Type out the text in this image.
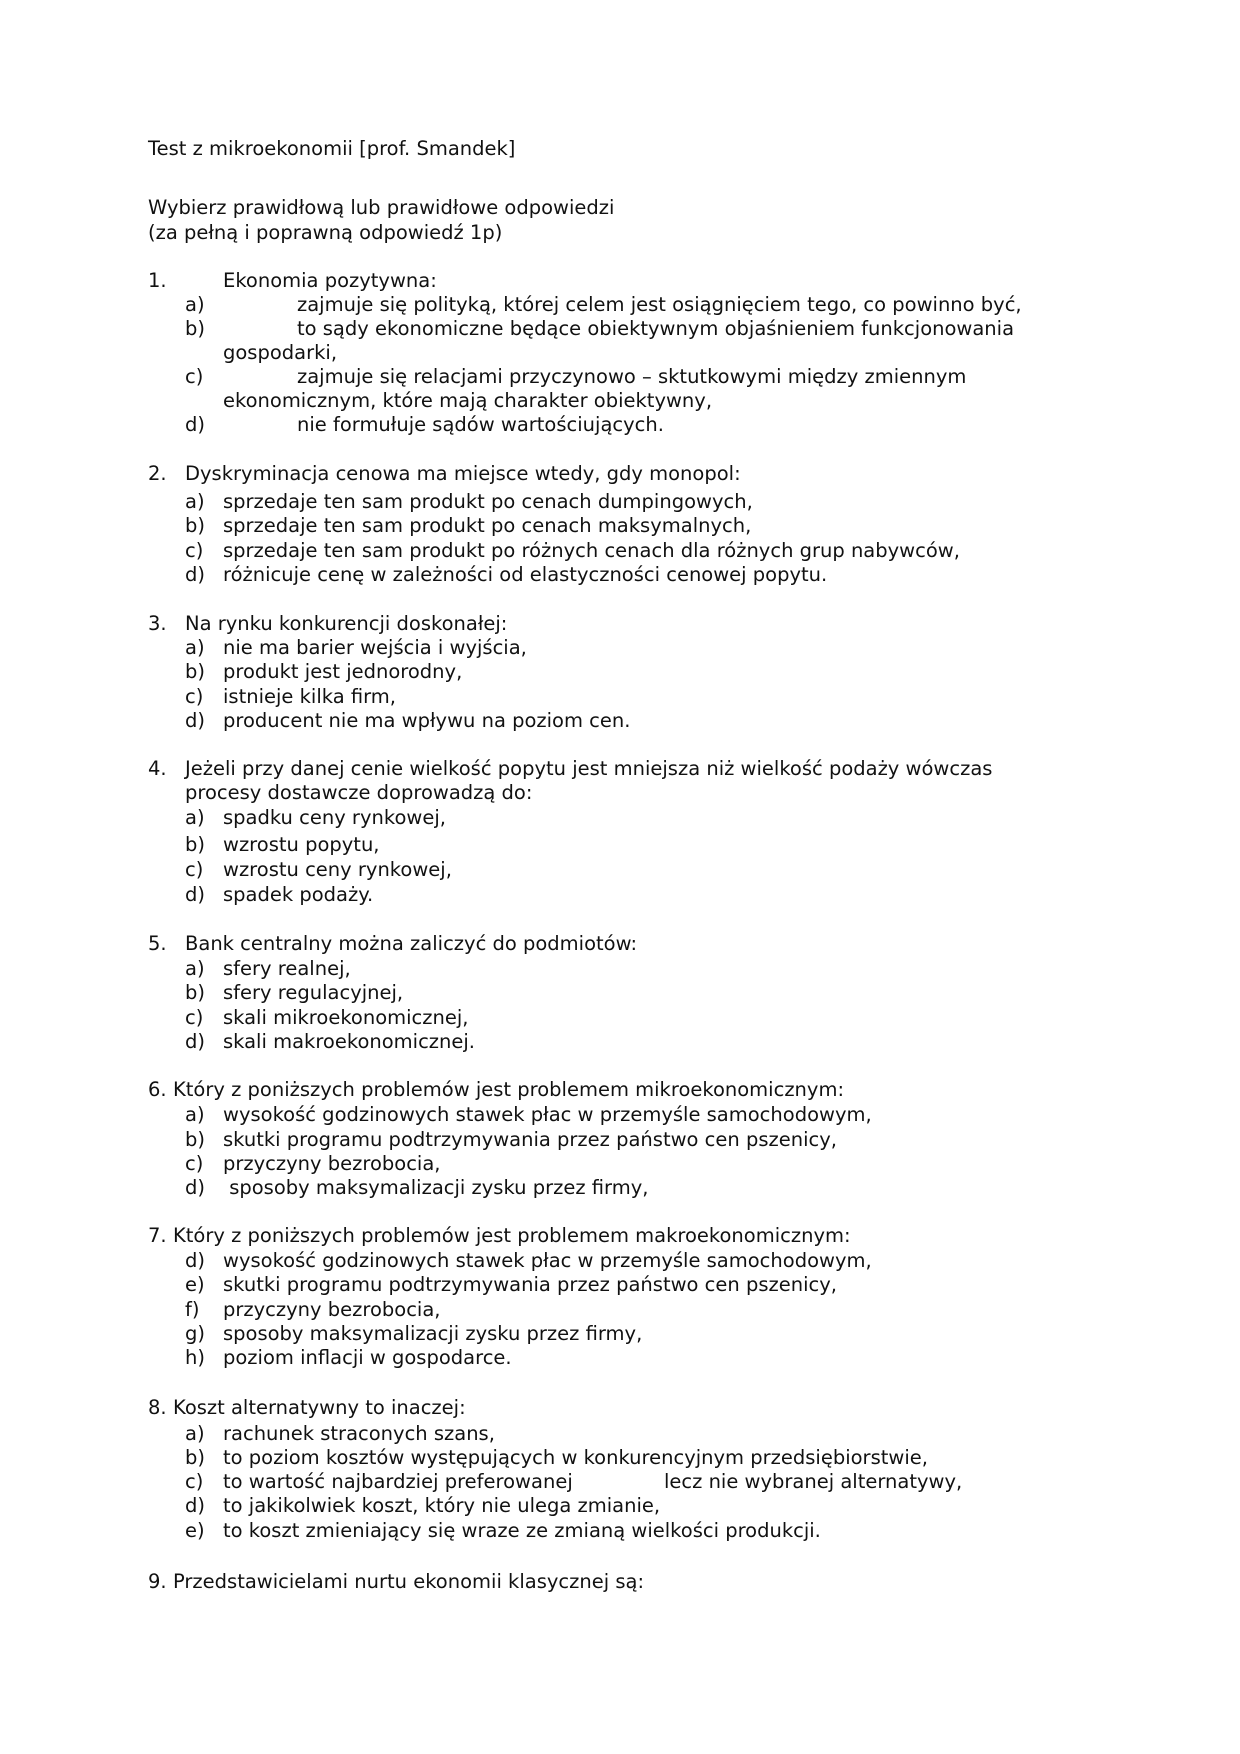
Test z mikroekonomii [prof. Smandek]
Wybierz prawidłową lub prawidłowe odpowiedzi
(za pełną i poprawną odpowiedź 1p)
1.	Ekonomia pozytywna:
a)	zajmuje się polityką, której celem jest osiągnięciem tego, co powinno być,
b)	to sądy ekonomiczne będące obiektywnym objaśnieniem funkcjonowania
gospodarki,
c)	zajmuje się relacjami przyczynowo – sktutkowymi między zmiennym
ekonomicznym, które mają charakter obiektywny,
d)	nie formułuje sądów wartościujących.
2. Dyskryminacja cenowa ma miejsce wtedy, gdy monopol:
a) sprzedaje ten sam produkt po cenach dumpingowych,
b) sprzedaje ten sam produkt po cenach maksymalnych,
c) sprzedaje ten sam produkt po różnych cenach dla różnych grup nabywców,
d) różnicuje cenę w zależności od elastyczności cenowej popytu.
3. Na rynku konkurencji doskonałej:
a) nie ma barier wejścia i wyjścia,
b) produkt jest jednorodny,
c) istnieje kilka firm,
d) producent nie ma wpływu na poziom cen.
4. Jeżeli przy danej cenie wielkość popytu jest mniejsza niż wielkość podaży wówczas
procesy dostawcze doprowadzą do:
a) spadku ceny rynkowej,
b) wzrostu popytu,
c) wzrostu ceny rynkowej,
d) spadek podaży.
5. Bank centralny można zaliczyć do podmiotów:
a) sfery realnej,
b) sfery regulacyjnej,
c) skali mikroekonomicznej,
d) skali makroekonomicznej.
6. Który z poniższych problemów jest problemem mikroekonomicznym:
a) wysokość godzinowych stawek płac w przemyśle samochodowym,
b) skutki programu podtrzymywania przez państwo cen pszenicy,
c) przyczyny bezrobocia,
d) sposoby maksymalizacji zysku przez firmy,
7. Który z poniższych problemów jest problemem makroekonomicznym:
d) wysokość godzinowych stawek płac w przemyśle samochodowym,
e) skutki programu podtrzymywania przez państwo cen pszenicy,
f) przyczyny bezrobocia,
g) sposoby maksymalizacji zysku przez firmy,
h) poziom inflacji w gospodarce.
8. Koszt alternatywny to inaczej:
a) rachunek straconych szans,
b) to poziom kosztów występujących w konkurencyjnym przedsiębiorstwie,
c) to wartość najbardziej preferowanej	lecz nie wybranej alternatywy,
d) to jakikolwiek koszt, który nie ulega zmianie,
e) to koszt zmieniający się wraze ze zmianą wielkości produkcji.
9. Przedstawicielami nurtu ekonomii klasycznej są:
